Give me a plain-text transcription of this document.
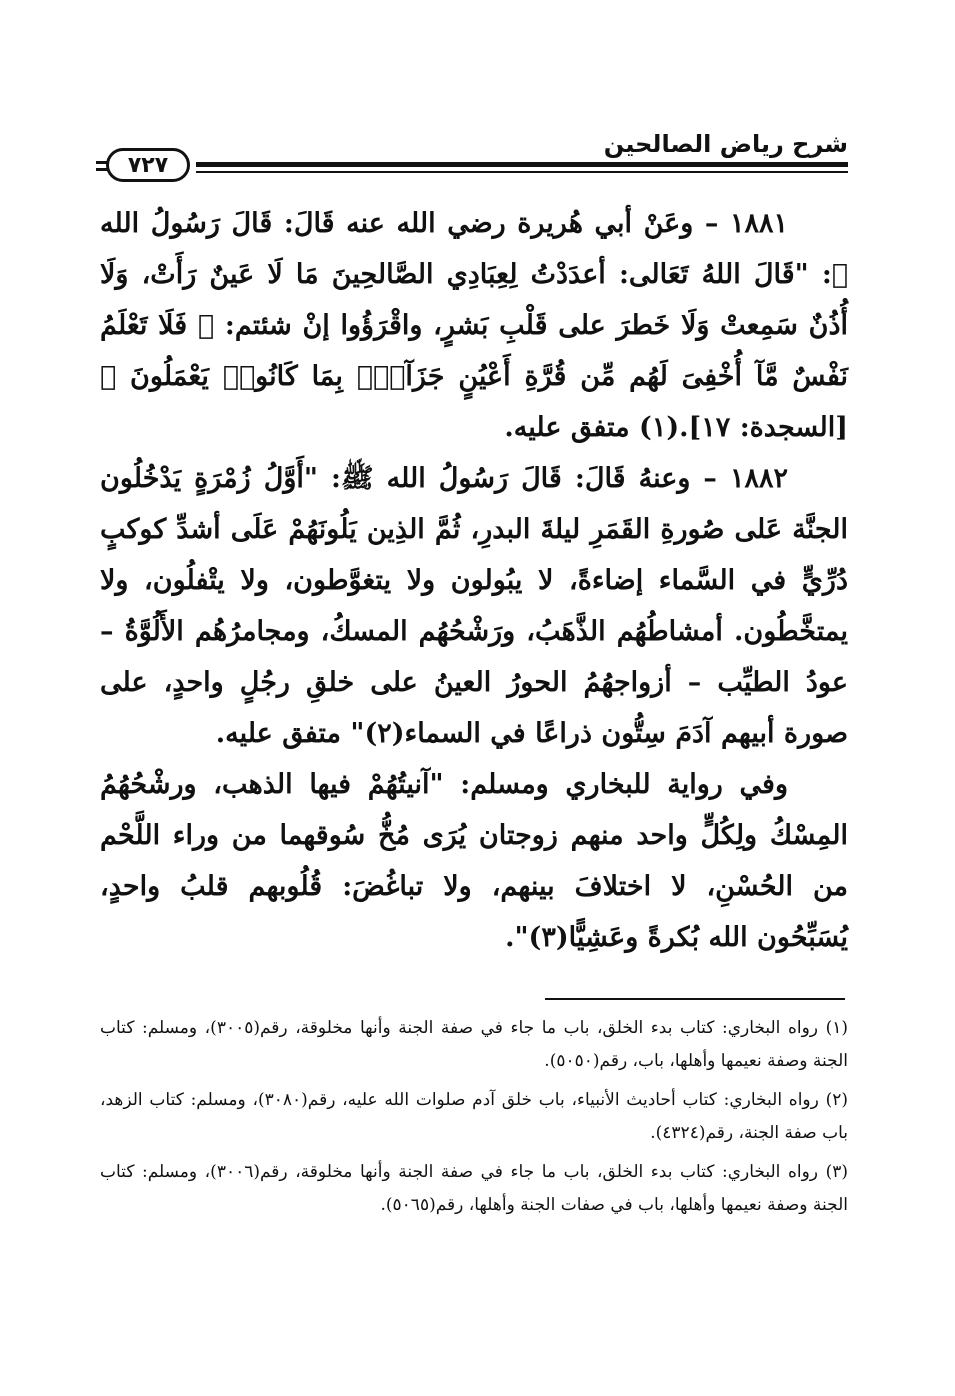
شرح رياض الصالحين
٧٢٧

١٨٨١ – وعَنْ أبي هُريرة رضي الله عنه قَالَ: قَالَ رَسُولُ الله ﷺ: "قَالَ اللهُ تَعَالى: أعدَدْتُ لِعِبَادِي الصَّالحِينَ مَا لَا عَينٌ رَأَتْ، وَلَا أُذُنٌ سَمِعتْ وَلَا خَطرَ على قَلْبِ بَشرٍ، واقْرَؤُوا إنْ شئتم: ﴿ فَلَا تَعْلَمُ نَفْسٌ مَّآ أُخْفِىَ لَهُم مِّن قُرَّةِ أَعْيُنٍ جَزَآءَۢ بِمَا كَانُوا۟ يَعْمَلُونَ ﴾ [السجدة: ١٧].(١) متفق عليه.

١٨٨٢ – وعنهُ قَالَ: قَالَ رَسُولُ الله ﷺ: "أَوَّلُ زُمْرَةٍ يَدْخُلُون الجنَّة عَلى صُورةِ القَمَرِ ليلةَ البدرِ، ثُمَّ الذِين يَلُونَهُمْ عَلَى أشدِّ كوكبٍ دُرِّيٍّ في السَّماء إضاءةً، لا يبُولون ولا يتغوَّطون، ولا يتْفلُون، ولا يمتخَّطُون. أمشاطُهُم الذَّهَبُ، ورَشْحُهُم المسكُ، ومجامرُهُم الأَلُوَّةُ – عودُ الطيِّب – أزواجهُمُ الحورُ العينُ على خلقِ رجُلٍ واحدٍ، على صورة أبيهم آدَمَ سِتُّون ذراعًا في السماء(٢)" متفق عليه.

وفي رواية للبخاري ومسلم: "آنيتُهُمْ فيها الذهب، ورشْحُهُمُ المِسْكُ ولِكُلٍّ واحد منهم زوجتان يُرَى مُخُّ سُوقهما من وراء اللَّحْم من الحُسْنِ، لا اختلافَ بينهم، ولا تباغُضَ: قُلُوبهم قلبُ واحدٍ، يُسَبِّحُون الله بُكرةً وعَشِيًّا(٣)".

(١) رواه البخاري: كتاب بدء الخلق، باب ما جاء في صفة الجنة وأنها مخلوقة، رقم(٣٠٠٥)، ومسلم: كتاب الجنة وصفة نعيمها وأهلها، باب، رقم(٥٠٥٠).

(٢) رواه البخاري: كتاب أحاديث الأنبياء، باب خلق آدم صلوات الله عليه، رقم(٣٠٨٠)، ومسلم: كتاب الزهد، باب صفة الجنة، رقم(٤٣٢٤).

(٣) رواه البخاري: كتاب بدء الخلق، باب ما جاء في صفة الجنة وأنها مخلوقة، رقم(٣٠٠٦)، ومسلم: كتاب الجنة وصفة نعيمها وأهلها، باب في صفات الجنة وأهلها، رقم(٥٠٦٥).
